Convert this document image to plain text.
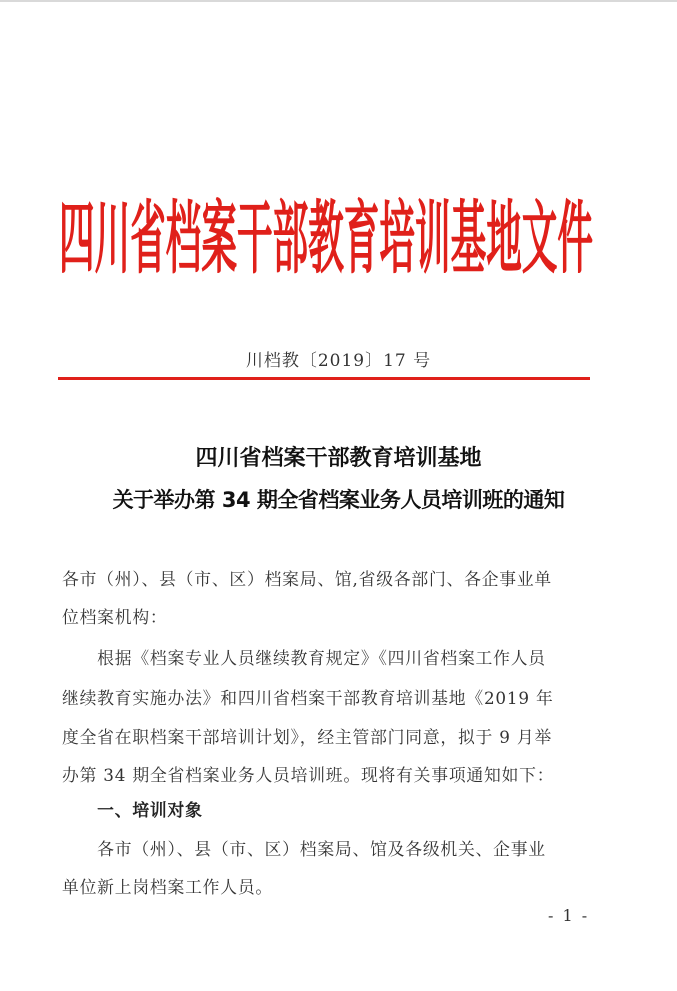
四川省档案干部教育培训基地文件
川档教〔2019〕17 号
四川省档案干部教育培训基地
关于举办第 34 期全省档案业务人员培训班的通知
各市（州）、县（市、区）档案局、馆,省级各部门、各企事业单
位档案机构：
　　根据《档案专业人员继续教育规定》《四川省档案工作人员
继续教育实施办法》和四川省档案干部教育培训基地《2019 年
度全省在职档案干部培训计划》，经主管部门同意，拟于 9 月举
办第 34 期全省档案业务人员培训班。现将有关事项通知如下：
　　一、培训对象
　　各市（州）、县（市、区）档案局、馆及各级机关、企事业
单位新上岗档案工作人员。
- 1 -
